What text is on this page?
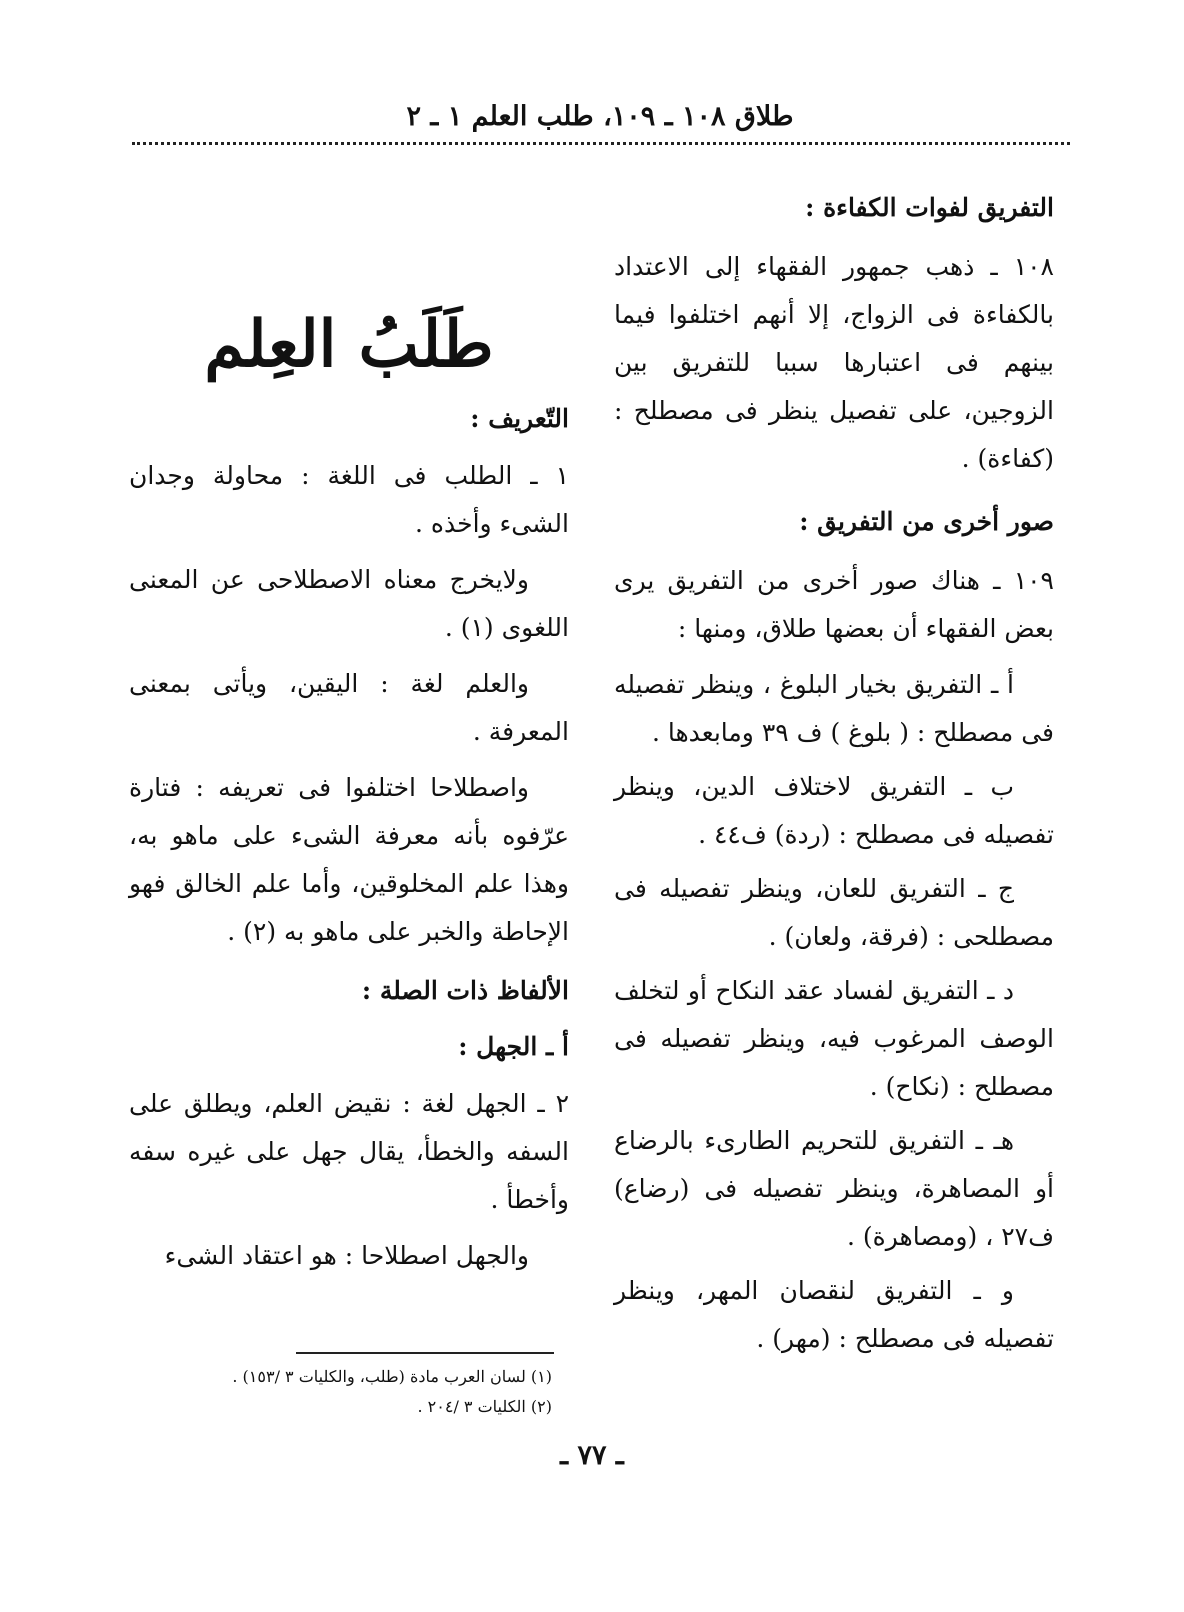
طلاق ١٠٨ ـ ١٠٩، طلب العلم ١ ـ ٢
التفريق لفوات الكفاءة :

١٠٨ ـ ذهب جمهور الفقهاء إلى الاعتداد بالكفاءة فى الزواج، إلا أنهم اختلفوا فيما بينهم فى اعتبارها سببا للتفريق بين الزوجين، على تفصيل ينظر فى مصطلح : (كفاءة) .

صور أخرى من التفريق :

١٠٩ ـ هناك صور أخرى من التفريق يرى بعض الفقهاء أن بعضها طلاق، ومنها :

أ ـ التفريق بخيار البلوغ ، وينظر تفصيله فى مصطلح : ( بلوغ ) ف ٣٩ ومابعدها .

ب ـ التفريق لاختلاف الدين، وينظر تفصيله فى مصطلح : (ردة) ف٤٤ .

ج ـ التفريق للعان، وينظر تفصيله فى مصطلحى : (فرقة، ولعان) .

د ـ التفريق لفساد عقد النكاح أو لتخلف الوصف المرغوب فيه، وينظر تفصيله فى مصطلح : (نكاح) .

هـ ـ التفريق للتحريم الطارىء بالرضاع أو المصاهرة، وينظر تفصيله فى (رضاع) ف٢٧ ، (ومصاهرة) .

و ـ التفريق لنقصان المهر، وينظر تفصيله فى مصطلح : (مهر) .

طَلَبُ العِلم
التّعريف :

١ ـ الطلب فى اللغة : محاولة وجدان الشىء وأخذه .

ولايخرج معناه الاصطلاحى عن المعنى اللغوى (١) .

والعلم لغة : اليقين، ويأتى بمعنى المعرفة .

واصطلاحا اختلفوا فى تعريفه : فتارة عرّفوه بأنه معرفة الشىء على ماهو به، وهذا علم المخلوقين، وأما علم الخالق فهو الإحاطة والخبر على ماهو به (٢) .

الألفاظ ذات الصلة :
أ ـ الجهل :

٢ ـ الجهل لغة : نقيض العلم، ويطلق على السفه والخطأ، يقال جهل على غيره سفه وأخطأ .

والجهل اصطلاحا : هو اعتقاد الشىء

(١) لسان العرب مادة (طلب، والكليات ٣ /١٥٣) .
(٢) الكليات ٣ /٢٠٤ .
ـ ٧٧ ـ
